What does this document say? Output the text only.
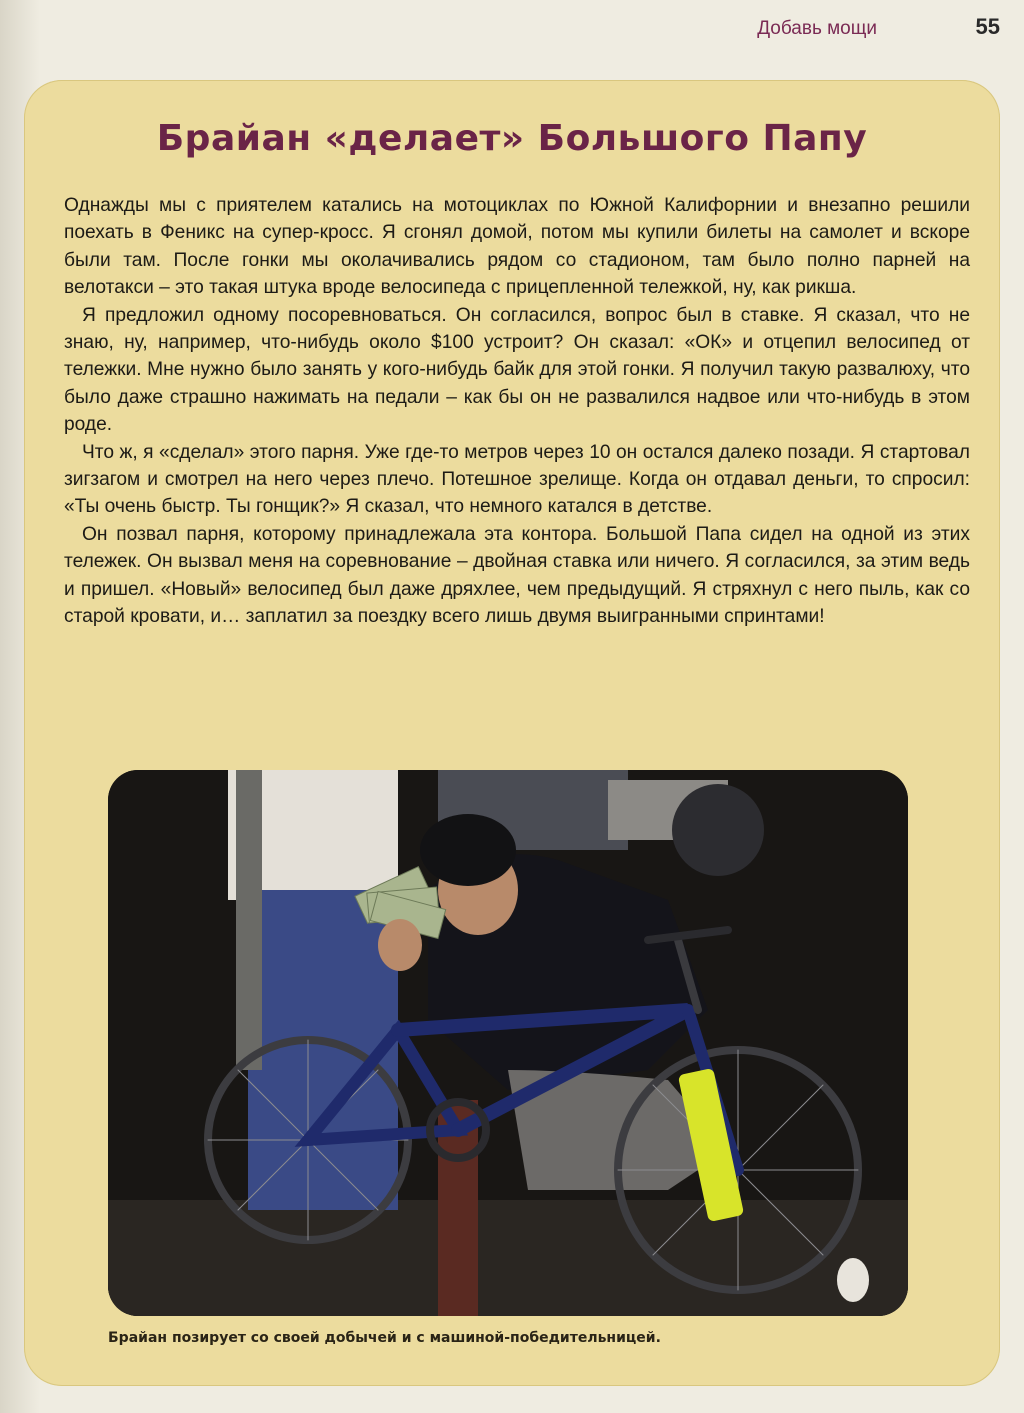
Добавь мощи	55
Брайан «делает» Большого Папу

Однажды мы с приятелем катались на мотоциклах по Южной Калифорнии и внезапно решили поехать в Феникс на супер-кросс. Я сгонял домой, потом мы купили билеты на самолет и вскоре были там. После гонки мы околачивались рядом со стадионом, там было полно парней на велотакси – это такая штука вроде велосипеда с прицепленной тележкой, ну, как рикша.

Я предложил одному посоревноваться. Он согласился, вопрос был в ставке. Я сказал, что не знаю, ну, например, что-нибудь около $100 устроит? Он сказал: «ОК» и отцепил велосипед от тележки. Мне нужно было занять у кого-нибудь байк для этой гонки. Я получил такую развалюху, что было даже страшно нажимать на педали – как бы он не развалился надвое или что-нибудь в этом роде.

Что ж, я «сделал» этого парня. Уже где-то метров через 10 он остался далеко позади. Я стартовал зигзагом и смотрел на него через плечо. Потешное зрелище. Когда он отдавал деньги, то спросил: «Ты очень быстр. Ты гонщик?» Я сказал, что немного катался в детстве.

Он позвал парня, которому принадлежала эта контора. Большой Папа сидел на одной из этих тележек. Он вызвал меня на соревнование – двойная ставка или ничего. Я согласился, за этим ведь и пришел. «Новый» велосипед был даже дряхлее, чем предыдущий. Я стряхнул с него пыль, как со старой кровати, и… заплатил за поездку всего лишь двумя выигранными спринтами!

Брайан позирует со своей добычей и с машиной-победительницей.
